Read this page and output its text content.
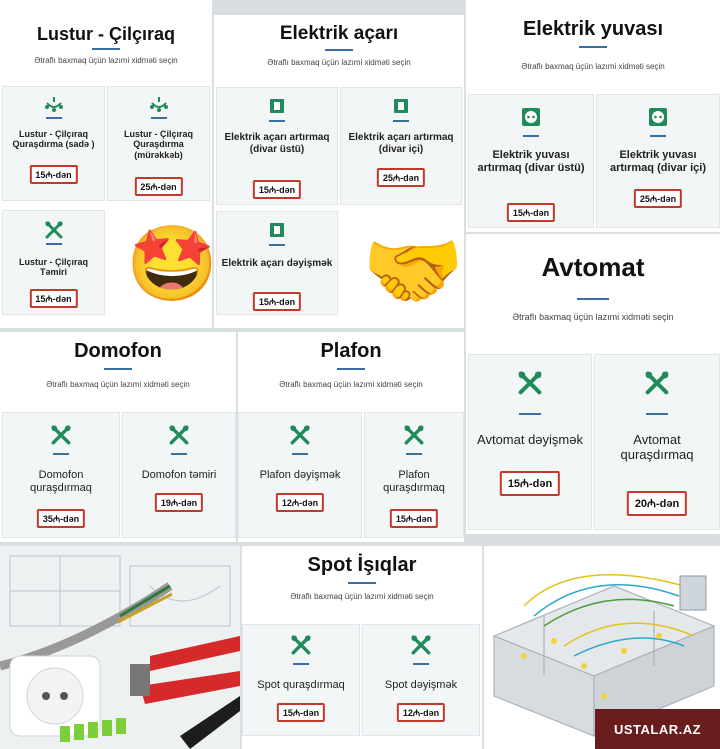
Lustur - Çilçıraq
Ətraflı baxmaq üçün lazımi xidməti seçin
Lustur - Çilçıraq Quraşdırma (sadə )
15₼-dən
Lustur - Çilçıraq Quraşdırma (mürəkkəb)
25₼-dən
Lustur - Çilçıraq Təmiri
15₼-dən
Elektrik açarı
Ətraflı baxmaq üçün lazımi xidməti seçin
Elektrik açarı artırmaq (divar üstü)
15₼-dən
Elektrik açarı artırmaq (divar içi)
25₼-dən
Elektrik açarı dəyişmək
15₼-dən
🤩 🤝
Elektrik yuvası
Ətraflı baxmaq üçün lazımi xidməti seçin
Elektrik yuvası artırmaq (divar üstü)
15₼-dən
Elektrik yuvası artırmaq (divar içi)
25₼-dən
Avtomat
Ətraflı baxmaq üçün lazımi xidməti seçin
Avtomat dəyişmək
15₼-dən
Avtomat quraşdırmaq
20₼-dən
Domofon
Ətraflı baxmaq üçün lazımi xidməti seçin
Domofon quraşdırmaq
35₼-dən
Domofon təmiri
19₼-dən
Plafon
Ətraflı baxmaq üçün lazımi xidməti seçin
Plafon dəyişmək
12₼-dən
Plafon quraşdırmaq
15₼-dən
Spot İşıqlar
Ətraflı baxmaq üçün lazımi xidməti seçin
Spot quraşdırmaq
15₼-dən
Spot dəyişmək
12₼-dən
USTALAR.AZ
